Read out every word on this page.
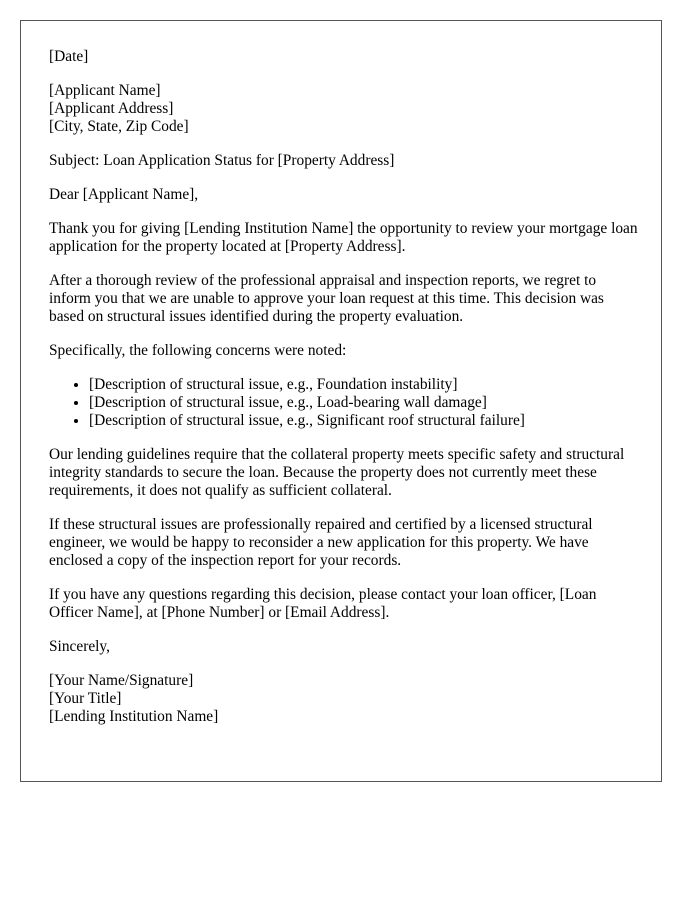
[Date]

[Applicant Name]
[Applicant Address]
[City, State, Zip Code]

Subject: Loan Application Status for [Property Address]

Dear [Applicant Name],

Thank you for giving [Lending Institution Name] the opportunity to review your mortgage loan application for the property located at [Property Address].

After a thorough review of the professional appraisal and inspection reports, we regret to inform you that we are unable to approve your loan request at this time. This decision was based on structural issues identified during the property evaluation.

Specifically, the following concerns were noted:

• [Description of structural issue, e.g., Foundation instability]
• [Description of structural issue, e.g., Load-bearing wall damage]
• [Description of structural issue, e.g., Significant roof structural failure]

Our lending guidelines require that the collateral property meets specific safety and structural integrity standards to secure the loan. Because the property does not currently meet these requirements, it does not qualify as sufficient collateral.

If these structural issues are professionally repaired and certified by a licensed structural engineer, we would be happy to reconsider a new application for this property. We have enclosed a copy of the inspection report for your records.

If you have any questions regarding this decision, please contact your loan officer, [Loan Officer Name], at [Phone Number] or [Email Address].

Sincerely,

[Your Name/Signature]
[Your Title]
[Lending Institution Name]
